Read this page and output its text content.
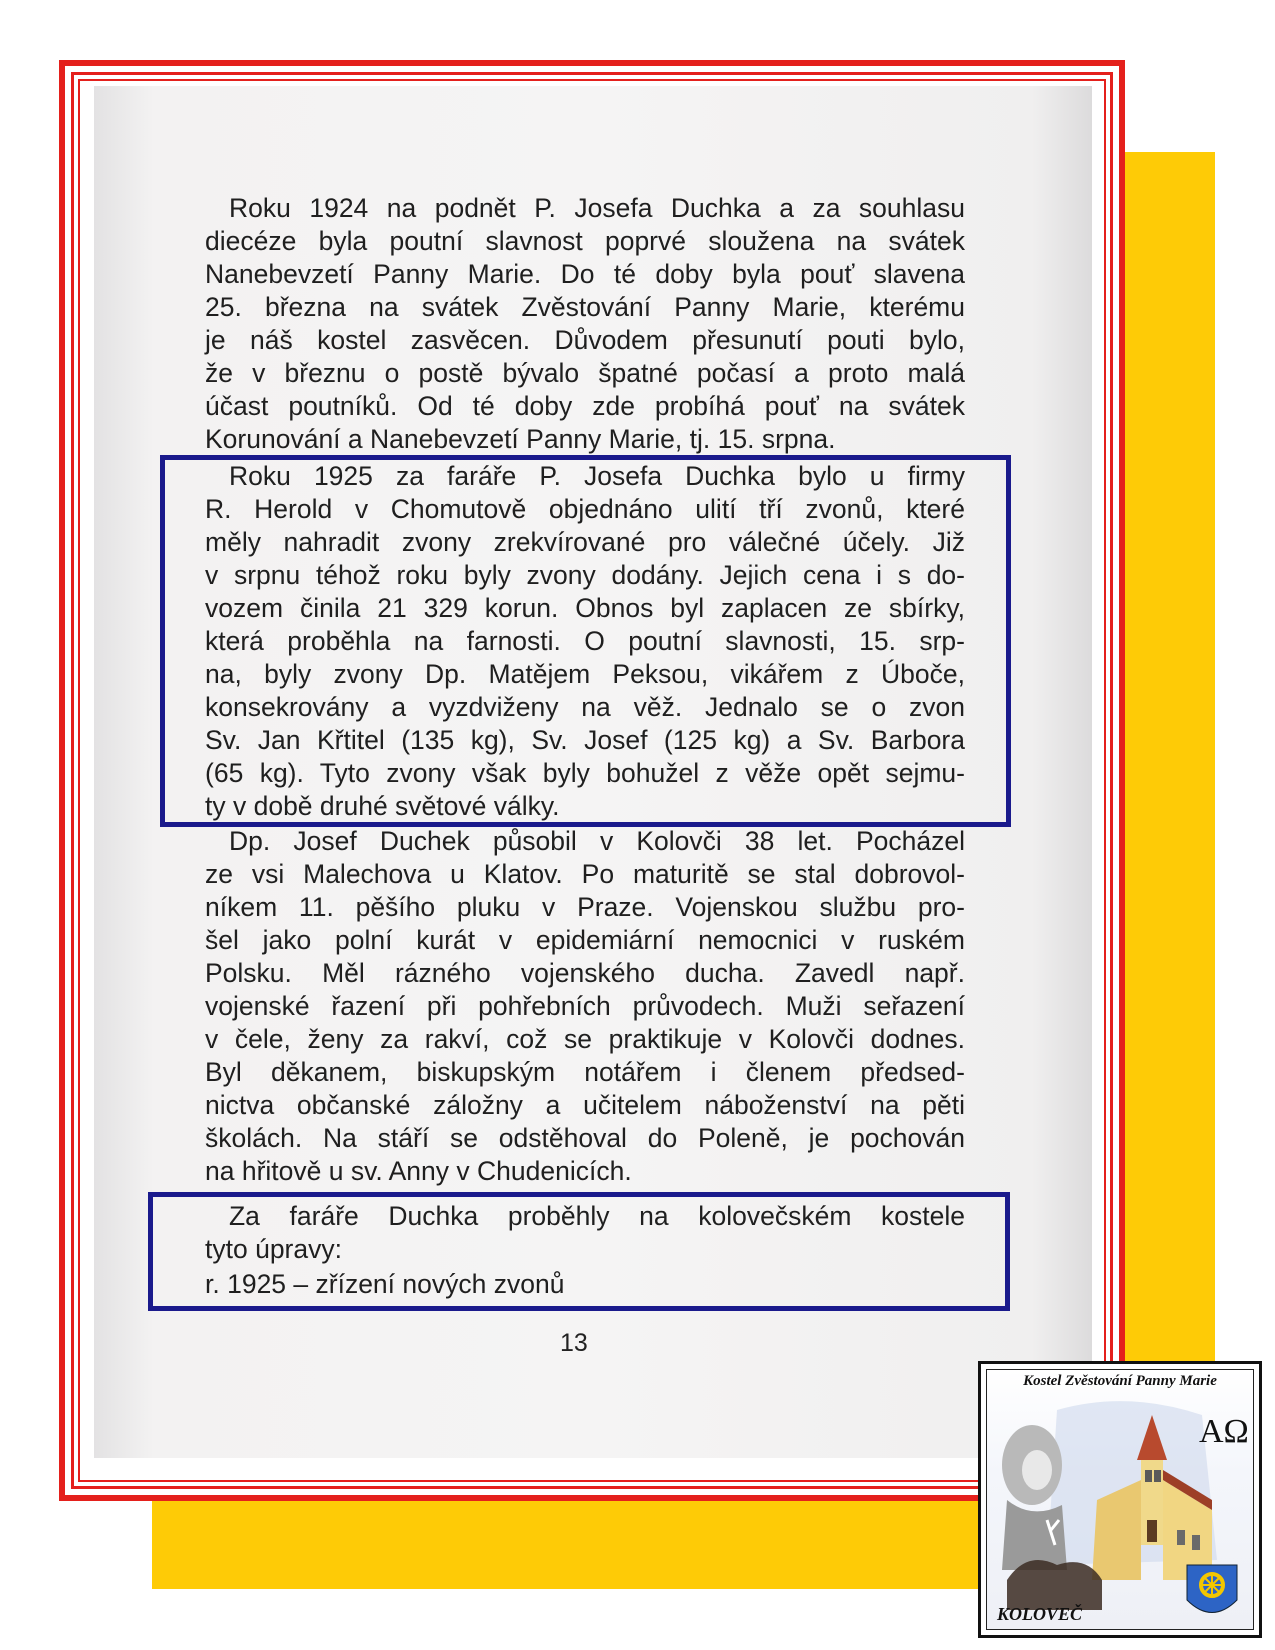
Roku 1924 na podnět P. Josefa Duchka a za souhlasu
diecéze byla poutní slavnost poprvé sloužena na svátek
Nanebevzetí Panny Marie. Do té doby byla pouť slavena
25. března na svátek Zvěstování Panny Marie, kterému
je náš kostel zasvěcen. Důvodem přesunutí pouti bylo,
že v březnu o postě bývalo špatné počasí a proto malá
účast poutníků. Od té doby zde probíhá pouť na svátek
Korunování a Nanebevzetí Panny Marie, tj. 15. srpna.
Roku 1925 za faráře P. Josefa Duchka bylo u firmy
R. Herold v Chomutově objednáno ulití tří zvonů, které
měly nahradit zvony zrekvírované pro válečné účely. Již
v srpnu téhož roku byly zvony dodány. Jejich cena i s do-
vozem činila 21 329 korun. Obnos byl zaplacen ze sbírky,
která proběhla na farnosti. O poutní slavnosti, 15. srp-
na, byly zvony Dp. Matějem Peksou, vikářem z Úboče,
konsekrovány a vyzdviženy na věž. Jednalo se o zvon
Sv. Jan Křtitel (135 kg), Sv. Josef (125 kg) a Sv. Barbora
(65 kg). Tyto zvony však byly bohužel z věže opět sejmu-
ty v době druhé světové války.
Dp. Josef Duchek působil v Kolovči 38 let. Pocházel
ze vsi Malechova u Klatov. Po maturitě se stal dobrovol-
níkem 11. pěšího pluku v Praze. Vojenskou službu pro-
šel jako polní kurát v epidemiární nemocnici v ruském
Polsku. Měl rázného vojenského ducha. Zavedl např.
vojenské řazení při pohřebních průvodech. Muži seřazení
v čele, ženy za rakví, což se praktikuje v Kolovči dodnes.
Byl děkanem, biskupským notářem i členem předsed-
nictva občanské záložny a učitelem náboženství na pěti
školách. Na stáří se odstěhoval do Poleně, je pochován
na hřitově u sv. Anny v Chudenicích.
Za faráře Duchka proběhly na kolovečském kostele
tyto úpravy:
r. 1925 – zřízení nových zvonů
13
Kostel Zvěstování Panny Marie
AΩ
KOLOVEČ
